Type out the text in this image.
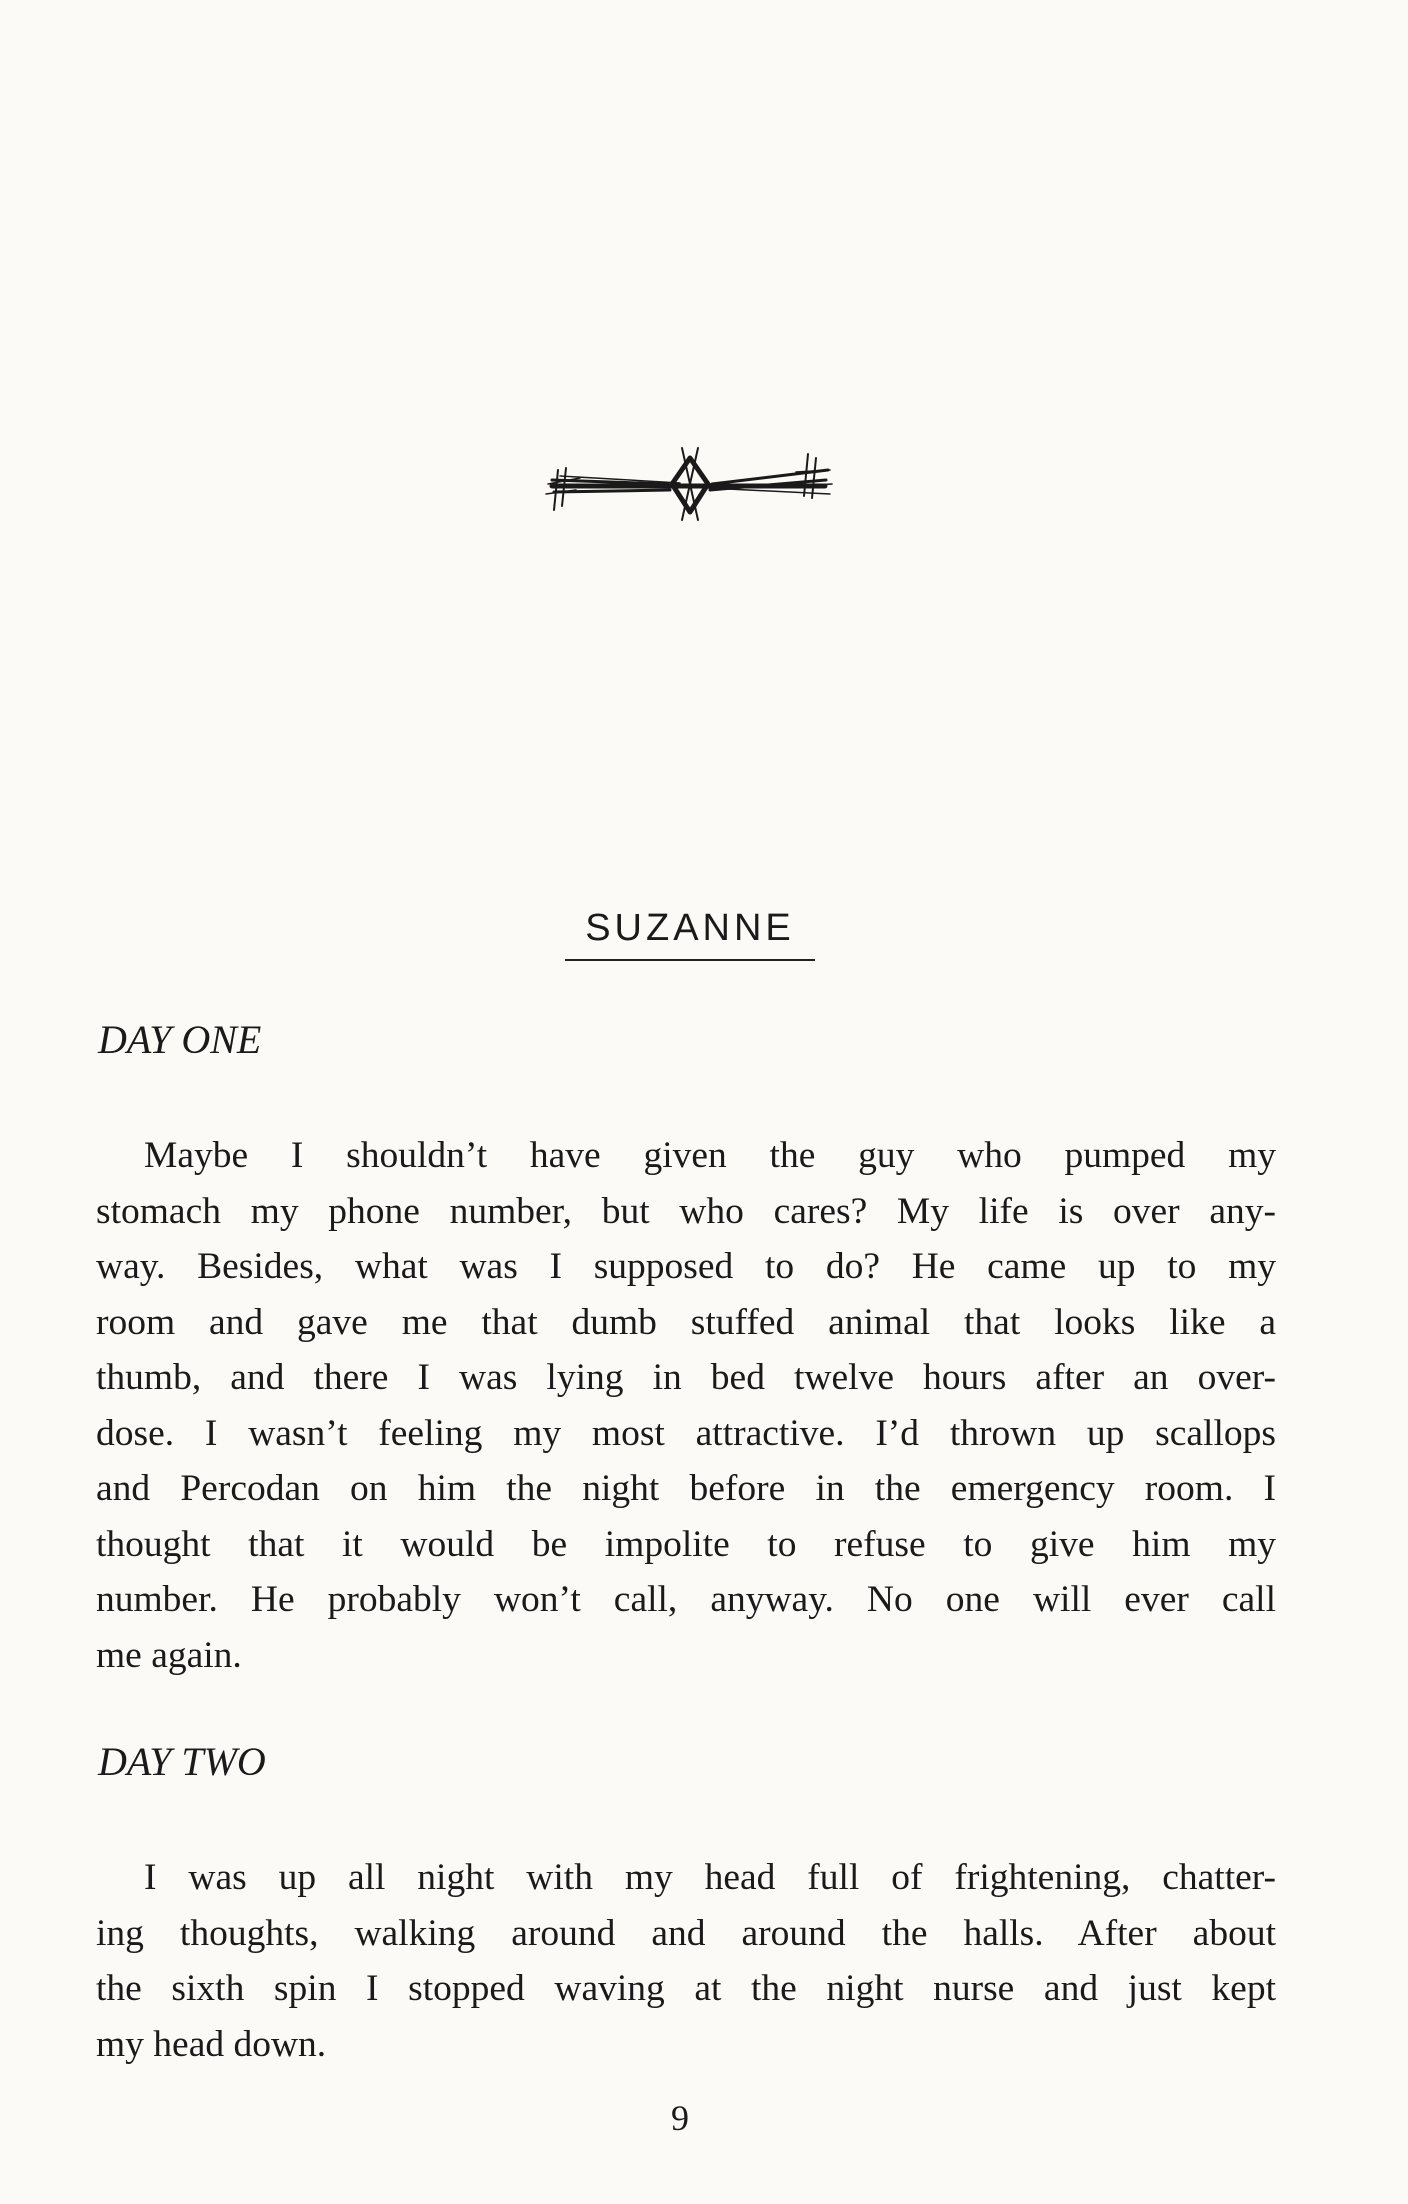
SUZANNE
DAY ONE

Maybe I shouldn’t have given the guy who pumped my
stomach my phone number, but who cares? My life is over any-
way. Besides, what was I supposed to do? He came up to my
room and gave me that dumb stuffed animal that looks like a
thumb, and there I was lying in bed twelve hours after an over-
dose. I wasn’t feeling my most attractive. I’d thrown up scallops
and Percodan on him the night before in the emergency room. I
thought that it would be impolite to refuse to give him my
number. He probably won’t call, anyway. No one will ever call
me again.

DAY TWO

I was up all night with my head full of frightening, chatter-
ing thoughts, walking around and around the halls. After about
the sixth spin I stopped waving at the night nurse and just kept
my head down.

9
